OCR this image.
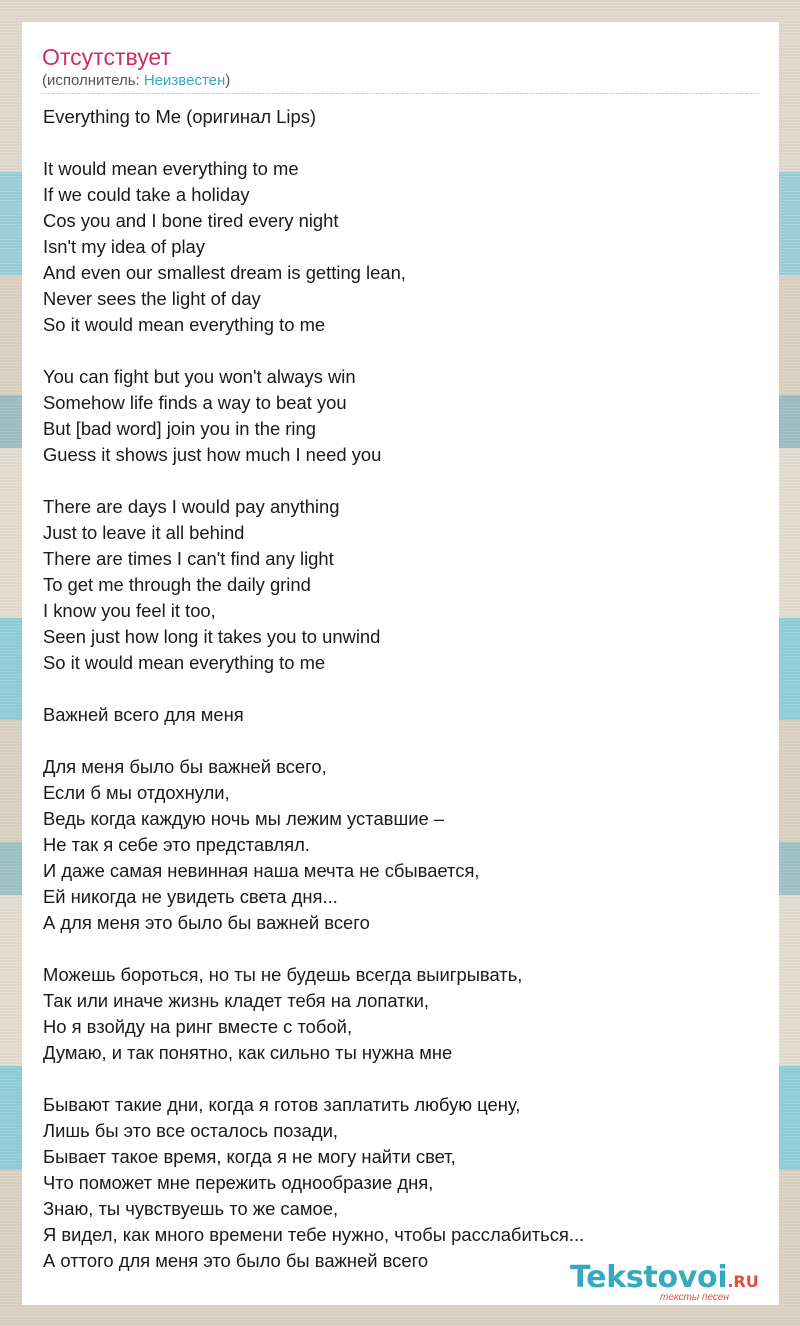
Отсутствует
(исполнитель: Неизвестен)
Everything to Me (оригинал Lips)
It would mean everything to me
If we could take a holiday
Cos you and I bone tired every night
Isn't my idea of play
And even our smallest dream is getting lean,
Never sees the light of day
So it would mean everything to me
You can fight but you won't always win
Somehow life finds a way to beat you
But [bad word] join you in the ring
Guess it shows just how much I need you
There are days I would pay anything
Just to leave it all behind
There are times I can't find any light
To get me through the daily grind
I know you feel it too,
Seen just how long it takes you to unwind
So it would mean everything to me
Важней всего для меня
Для меня было бы важней всего,
Если б мы отдохнули,
Ведь когда каждую ночь мы лежим уставшие –
Не так я себе это представлял.
И даже самая невинная наша мечта не сбывается,
Ей никогда не увидеть света дня...
А для меня это было бы важней всего
Можешь бороться, но ты не будешь всегда выигрывать,
Так или иначе жизнь кладет тебя на лопатки,
Но я взойду на ринг вместе с тобой,
Думаю, и так понятно, как сильно ты нужна мне
Бывают такие дни, когда я готов заплатить любую цену,
Лишь бы это все осталось позади,
Бывает такое время, когда я не могу найти свет,
Что поможет мне пережить однообразие дня,
Знаю, ты чувствуешь то же самое,
Я видел, как много времени тебе нужно, чтобы расслабиться...
А оттого для меня это было бы важней всего	Tekstovoi.RU
тексты песен
